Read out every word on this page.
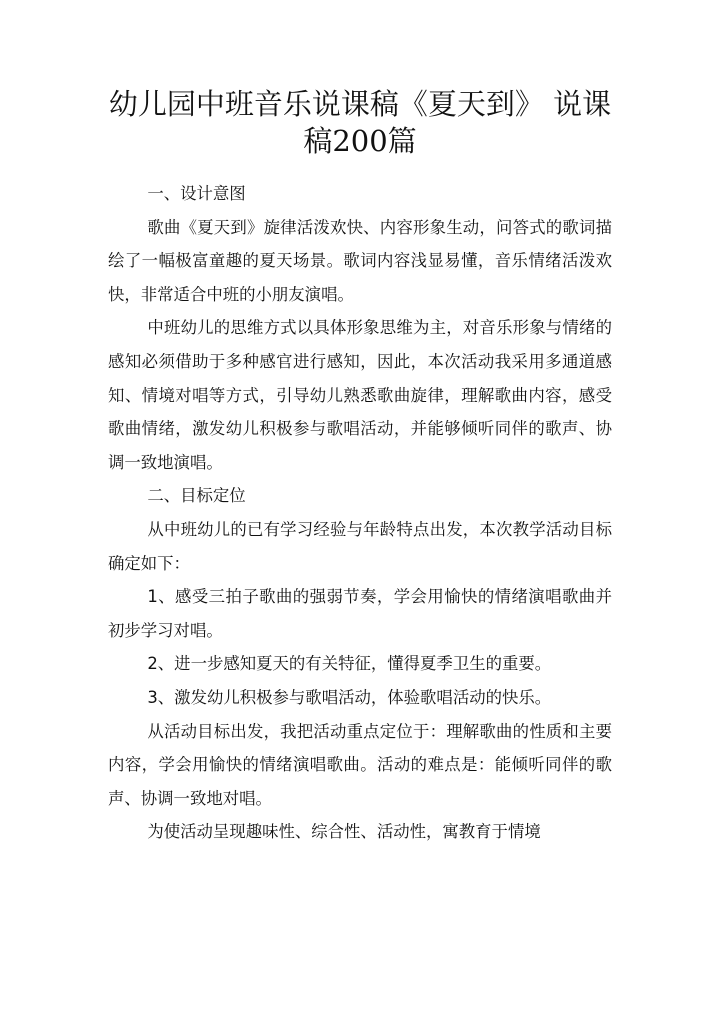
幼儿园中班音乐说课稿《夏天到》 说课稿200篇

一、设计意图

歌曲《夏天到》旋律活泼欢快、内容形象生动，问答式的歌词描绘了一幅极富童趣的夏天场景。歌词内容浅显易懂，音乐情绪活泼欢快，非常适合中班的小朋友演唱。

中班幼儿的思维方式以具体形象思维为主，对音乐形象与情绪的感知必须借助于多种感官进行感知，因此，本次活动我采用多通道感知、情境对唱等方式，引导幼儿熟悉歌曲旋律，理解歌曲内容，感受歌曲情绪，激发幼儿积极参与歌唱活动，并能够倾听同伴的歌声、协调一致地演唱。

二、目标定位

从中班幼儿的已有学习经验与年龄特点出发，本次教学活动目标确定如下：

1、感受三拍子歌曲的强弱节奏，学会用愉快的情绪演唱歌曲并初步学习对唱。

2、进一步感知夏天的有关特征，懂得夏季卫生的重要。

3、激发幼儿积极参与歌唱活动，体验歌唱活动的快乐。

从活动目标出发，我把活动重点定位于：理解歌曲的性质和主要内容，学会用愉快的情绪演唱歌曲。活动的难点是：能倾听同伴的歌声、协调一致地对唱。

为使活动呈现趣味性、综合性、活动性，寓教育于情境
